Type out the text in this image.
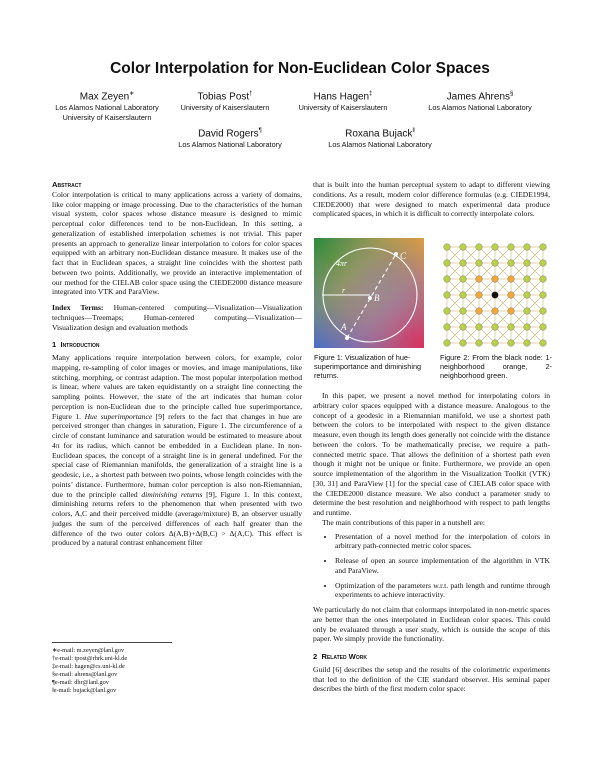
Color Interpolation for Non-Euclidean Color Spaces
Max Zeyen∗
Los Alamos National Laboratory
University of Kaiserslautern
Tobias Post†
University of Kaiserslautern
Hans Hagen‡
University of Kaiserslautern
James Ahrens§
Los Alamos National Laboratory
David Rogers¶
Los Alamos National Laboratory
Roxana Bujack‖
Los Alamos National Laboratory

Abstract

Color interpolation is critical to many applications across a variety of domains, like color mapping or image processing. Due to the characteristics of the human visual system, color spaces whose distance measure is designed to mimic perceptual color differences tend to be non-Euclidean. In this setting, a generalization of established interpolation schemes is not trivial. This paper presents an approach to generalize linear interpolation to colors for color spaces equipped with an arbitrary non-Euclidean distance measure. It makes use of the fact that in Euclidean spaces, a straight line coincides with the shortest path between two points. Additionally, we provide an interactive implementation of our method for the CIELAB color space using the CIEDE2000 distance measure integrated into VTK and ParaView.

Index Terms: Human-centered computing—Visualization—Visualization techniques—Treemaps; Human-centered computing—Visualization—Visualization design and evaluation methods

1  Introduction

Many applications require interpolation between colors, for example, color mapping, re-sampling of color images or movies, and image manipulations, like stitching, morphing, or contrast adaption. The most popular interpolation method is linear, where values are taken equidistantly on a straight line connecting the sampling points. However, the state of the art indicates that human color perception is non-Euclidean due to the principle called hue superimportance, Figure 1. Hue superimportance [9] refers to the fact that changes in hue are perceived stronger than changes in saturation, Figure 1. The circumference of a circle of constant luminance and saturation would be estimated to measure about 4π for its radius, which cannot be embedded in a Euclidean plane. In non-Euclidean spaces, the concept of a straight line is in general undefined. For the special case of Riemannian manifolds, the generalization of a straight line is a geodesic, i.e., a shortest path between two points, whose length coincides with the points’ distance. Furthermore, human color perception is also non-Riemannian, due to the principle called diminishing returns [9], Figure 1. In this context, diminishing returns refers to the phenomenon that when presented with two colors, A,C and their perceived middle (average/mixture) B, an observer usually judges the sum of the perceived differences of each half greater than the difference of the two outer colors Δ(A,B)+Δ(B,C) > Δ(A,C). This effect is produced by a natural contrast enhancement filter

∗e-mail: m.zeyen@lanl.gov
†e-mail: tpost@rhrk.uni-kl.de
‡e-mail: hagen@cs.uni-kl.de
§e-mail: ahrens@lanl.gov
¶e-mail: dhr@lanl.gov
‖e-mail: bujack@lanl.gov
that is built into the human perceptual system to adapt to different viewing conditions. As a result, modern color difference formulas (e.g. CIEDE1994, CIEDE2000) that were designed to match experimental data produce complicated spaces, in which it is difficult to correctly interpolate colors.
4πr
r
A
B
C
Figure 1: Visualization of hue-superimportance and diminishing returns.
Figure 2: From the black node: 1-neighborhood orange, 2-neighborhood green.

In this paper, we present a novel method for interpolating colors in arbitrary color spaces equipped with a distance measure. Analogous to the concept of a geodesic in a Riemannian manifold, we use a shortest path between the colors to be interpolated with respect to the given distance measure, even though its length does generally not coincide with the distance between the colors. To be mathematically precise, we require a path-connected metric space. That allows the definition of a shortest path even though it might not be unique or finite. Furthermore, we provide an open source implementation of the algorithm in the Visualization Toolkit (VTK) [30, 31] and ParaView [1] for the special case of CIELAB color space with the CIEDE2000 distance measure. We also conduct a parameter study to determine the best resolution and neighborhood with respect to path lengths and runtime.

The main contributions of this paper in a nutshell are:

• Presentation of a novel method for the interpolation of colors in arbitrary path-connected metric color spaces.
• Release of open an source implementation of the algorithm in VTK and ParaView.
• Optimization of the parameters w.r.t. path length and runtime through experiments to achieve interactivity.

We particularly do not claim that colormaps interpolated in non-metric spaces are better than the ones interpolated in Euclidean color spaces. This could only be evaluated through a user study, which is outside the scope of this paper. We simply provide the functionality.

2  Related Work

Guild [6] describes the setup and the results of the colorimetric experiments that led to the definition of the CIE standard observer. His seminal paper describes the birth of the first modern color space:
